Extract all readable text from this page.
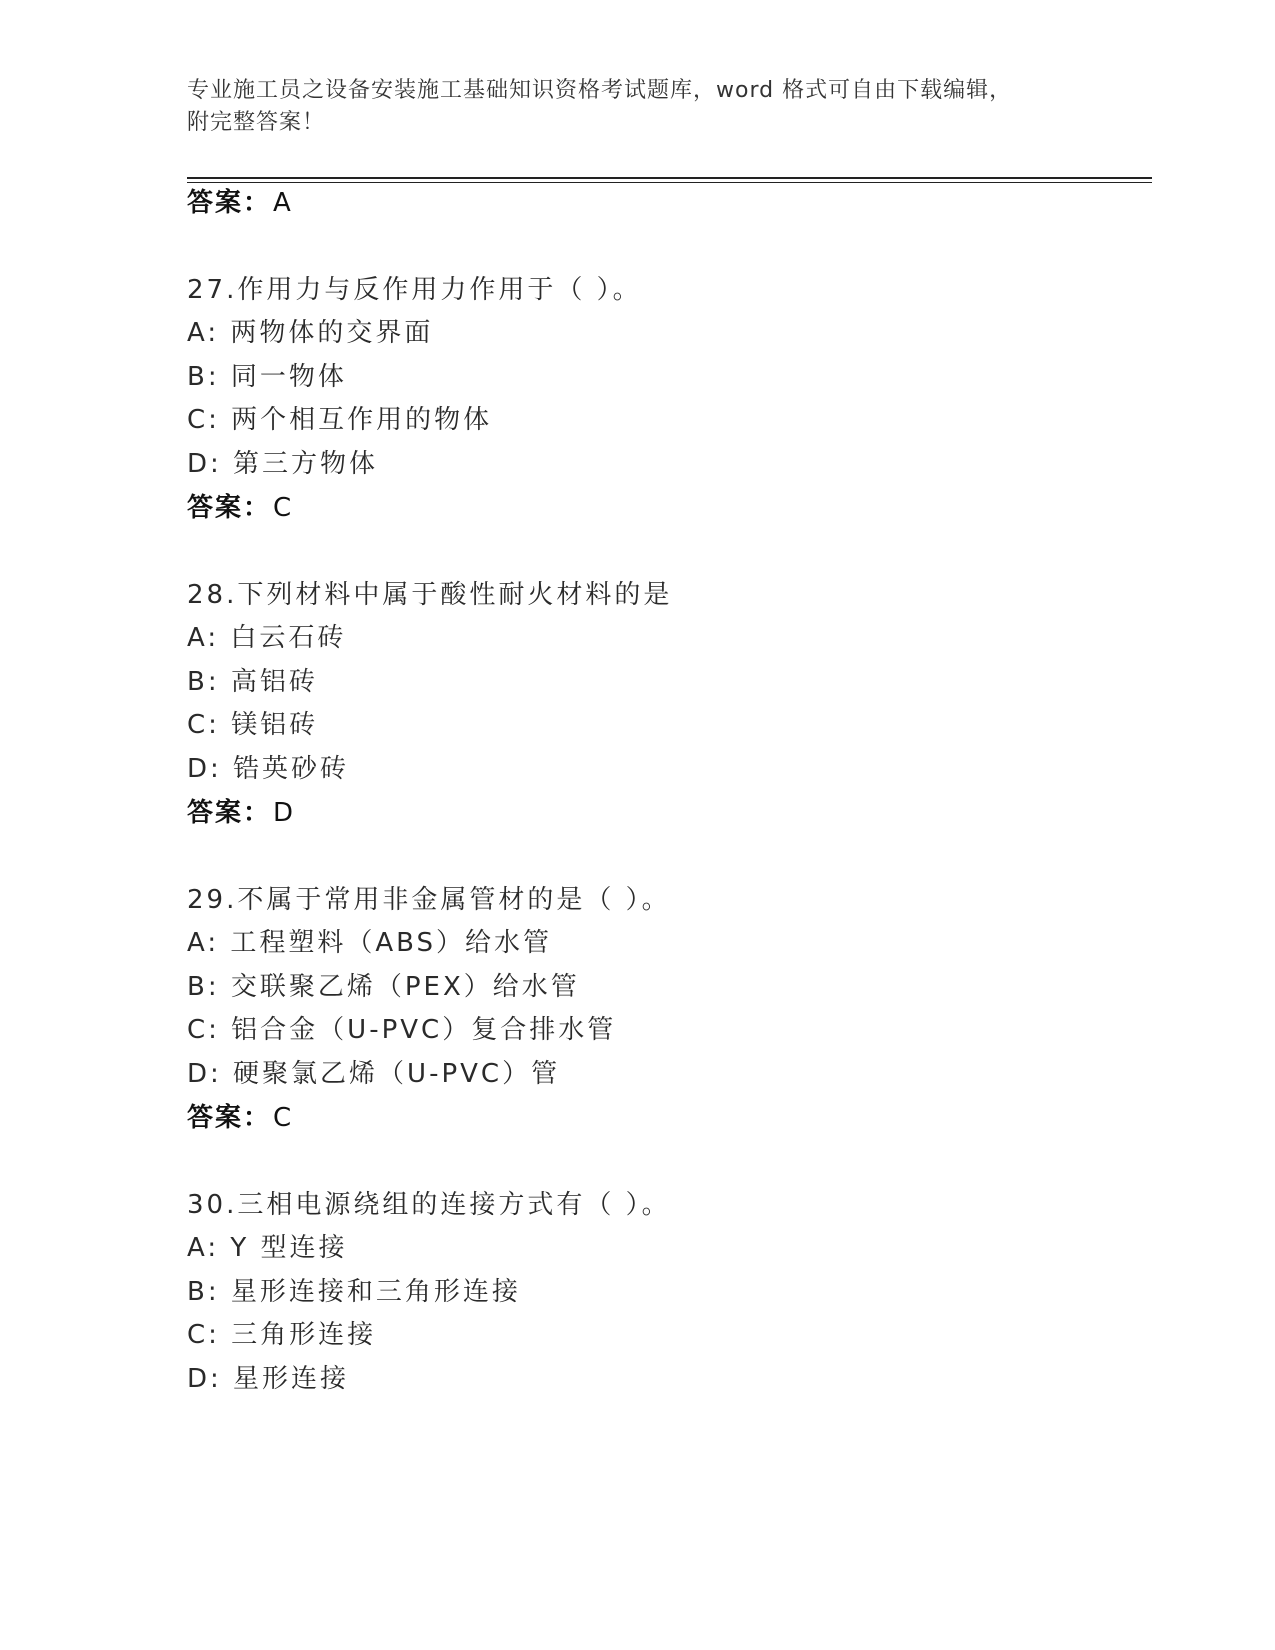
专业施工员之设备安装施工基础知识资格考试题库，word 格式可自由下载编辑，
附完整答案！
答案：A
27.作用力与反作用力作用于（ ）。
A: 两物体的交界面
B: 同一物体
C: 两个相互作用的物体
D: 第三方物体
答案：C
28.下列材料中属于酸性耐火材料的是
A: 白云石砖
B: 高铝砖
C: 镁铝砖
D: 锆英砂砖
答案：D
29.不属于常用非金属管材的是（ ）。
A: 工程塑料（ABS）给水管
B: 交联聚乙烯（PEX）给水管
C: 铝合金（U-PVC）复合排水管
D: 硬聚氯乙烯（U-PVC）管
答案：C
30.三相电源绕组的连接方式有（ ）。
A: Y 型连接
B: 星形连接和三角形连接
C: 三角形连接
D: 星形连接
